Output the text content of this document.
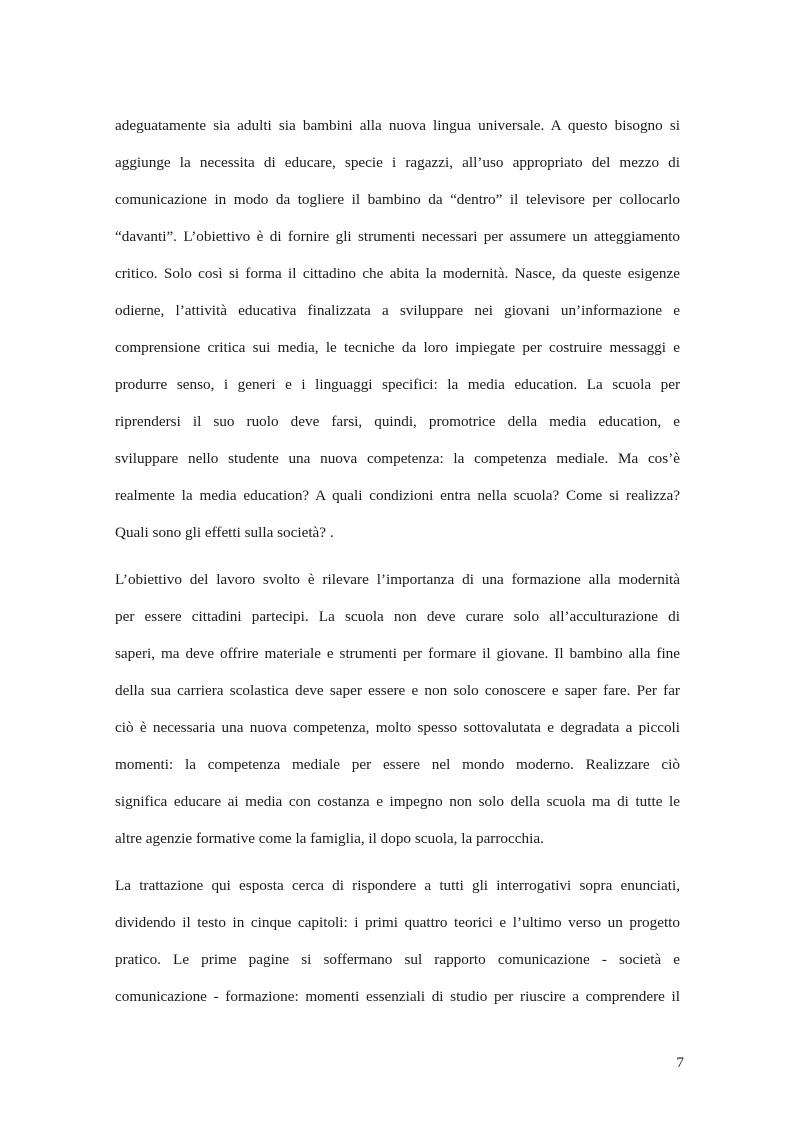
adeguatamente sia adulti sia bambini alla nuova lingua universale. A questo bisogno si
aggiunge la necessita di educare, specie i ragazzi, all’uso appropriato del mezzo di
comunicazione in modo da togliere il bambino da “dentro” il televisore per collocarlo
“davanti”. L’obiettivo è di fornire gli strumenti necessari per assumere un atteggiamento
critico. Solo così si forma il cittadino che abita la modernità. Nasce, da queste esigenze
odierne, l’attività educativa finalizzata a sviluppare nei giovani un’informazione e
comprensione critica sui media, le tecniche da loro impiegate per costruire messaggi e
produrre senso, i generi e i linguaggi specifici: la media education. La scuola per
riprendersi il suo ruolo deve farsi, quindi, promotrice della media education, e
sviluppare nello studente una nuova competenza: la competenza mediale. Ma cos’è
realmente la media education? A quali condizioni entra nella scuola? Come si realizza?
Quali sono gli effetti sulla società? .

L’obiettivo del lavoro svolto è rilevare l’importanza di una formazione alla modernità
per essere cittadini partecipi. La scuola non deve curare solo all’acculturazione di
saperi, ma deve offrire materiale e strumenti per formare il giovane. Il bambino alla fine
della sua carriera scolastica deve saper essere e non solo conoscere e saper fare. Per far
ciò è necessaria una nuova competenza, molto spesso sottovalutata e degradata a piccoli
momenti: la competenza mediale per essere nel mondo moderno. Realizzare ciò
significa educare ai media con costanza e impegno non solo della scuola ma di tutte le
altre agenzie formative come la famiglia, il dopo scuola, la parrocchia.

La trattazione qui esposta cerca di rispondere a tutti gli interrogativi sopra enunciati,
dividendo il testo in cinque capitoli: i primi quattro teorici e l’ultimo verso un progetto
pratico. Le prime pagine si soffermano sul rapporto comunicazione - società e
comunicazione - formazione: momenti essenziali di studio per riuscire a comprendere il

7
